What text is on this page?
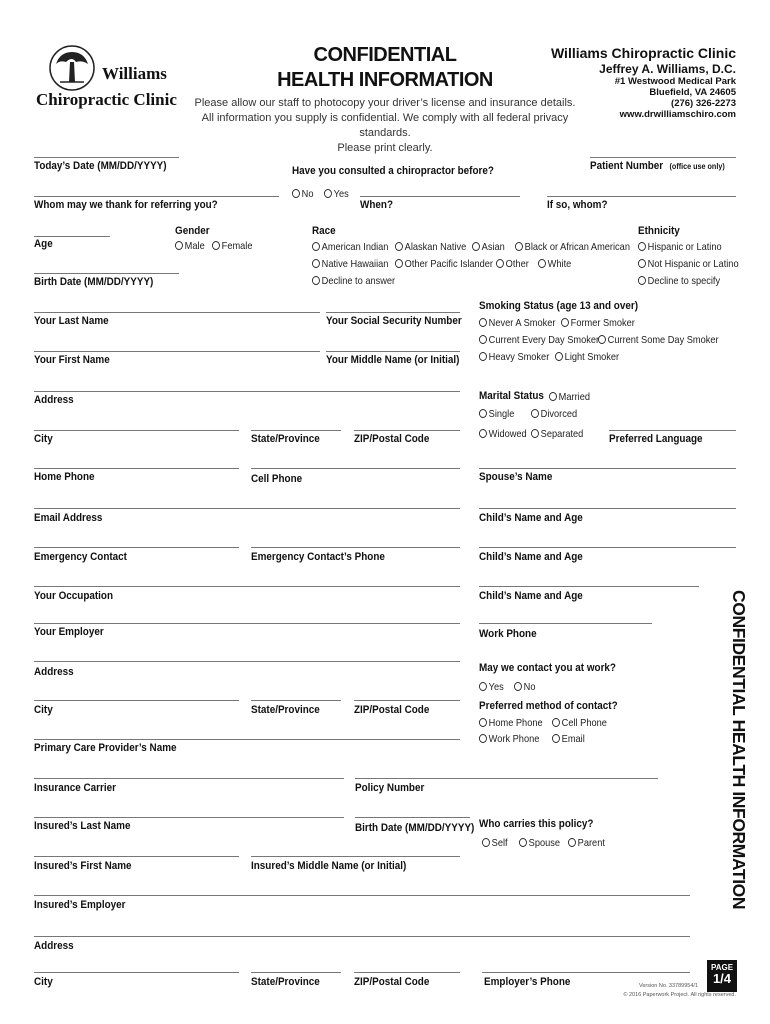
Williams
Chiropractic Clinic
CONFIDENTIAL
HEALTH INFORMATION
Please allow our staff to photocopy your driver’s license and insurance details.
All information you supply is confidential. We comply with all federal privacy standards.
Please print clearly.
Williams Chiropractic Clinic
Jeffrey A. Williams, D.C.
#1 Westwood Medical Park
Bluefield, VA 24605
(276) 326-2273
www.drwilliamschiro.com
Today’s Date (MM/DD/YYYY)	Have you consulted a chiropractor before?	Patient Number (office use only)
No	Yes
Whom may we thank for referring you?	When?	If so, whom?
Age
Gender
Male	Female
Race
American Indian	Alaskan Native	Asian	Black or African American
Native Hawaiian	Other Pacific Islander	Other	White
Decline to answer
Ethnicity
Hispanic or Latino
Not Hispanic or Latino
Decline to specify
Birth Date (MM/DD/YYYY)
Smoking Status (age 13 and over)
Never A Smoker	Former Smoker
Current Every Day Smoker Current Some Day Smoker
Heavy Smoker	Light Smoker
Your Last Name	Your Social Security Number
Your First Name	Your Middle Name (or Initial)
Address	Marital Status	Married
Single	Divorced
Widowed	Separated
City	State/Province	ZIP/Postal Code	Preferred Language
Home Phone	Cell Phone	Spouse’s Name
Email Address	Child’s Name and Age
Emergency Contact	Emergency Contact’s Phone	Child’s Name and Age
Your Occupation	Child’s Name and Age
Your Employer	Work Phone
Address	May we contact you at work?
Yes	No
Preferred method of contact?
Home Phone	Cell Phone
Work Phone	Email
City	State/Province	ZIP/Postal Code
Primary Care Provider’s Name
Insurance Carrier	Policy Number
Insured’s Last Name	Birth Date (MM/DD/YYYY) Who carries this policy?
Self	Spouse	Parent
Insured’s First Name	Insured’s Middle Name (or Initial)
Insured’s Employer
Address
City	State/Province	ZIP/Postal Code	Employer’s Phone
CONFIDENTIAL HEALTH INFORMATION
PAGE
1/4
Version No. 33789954/1
© 2016 Paperwork Project. All rights reserved.
